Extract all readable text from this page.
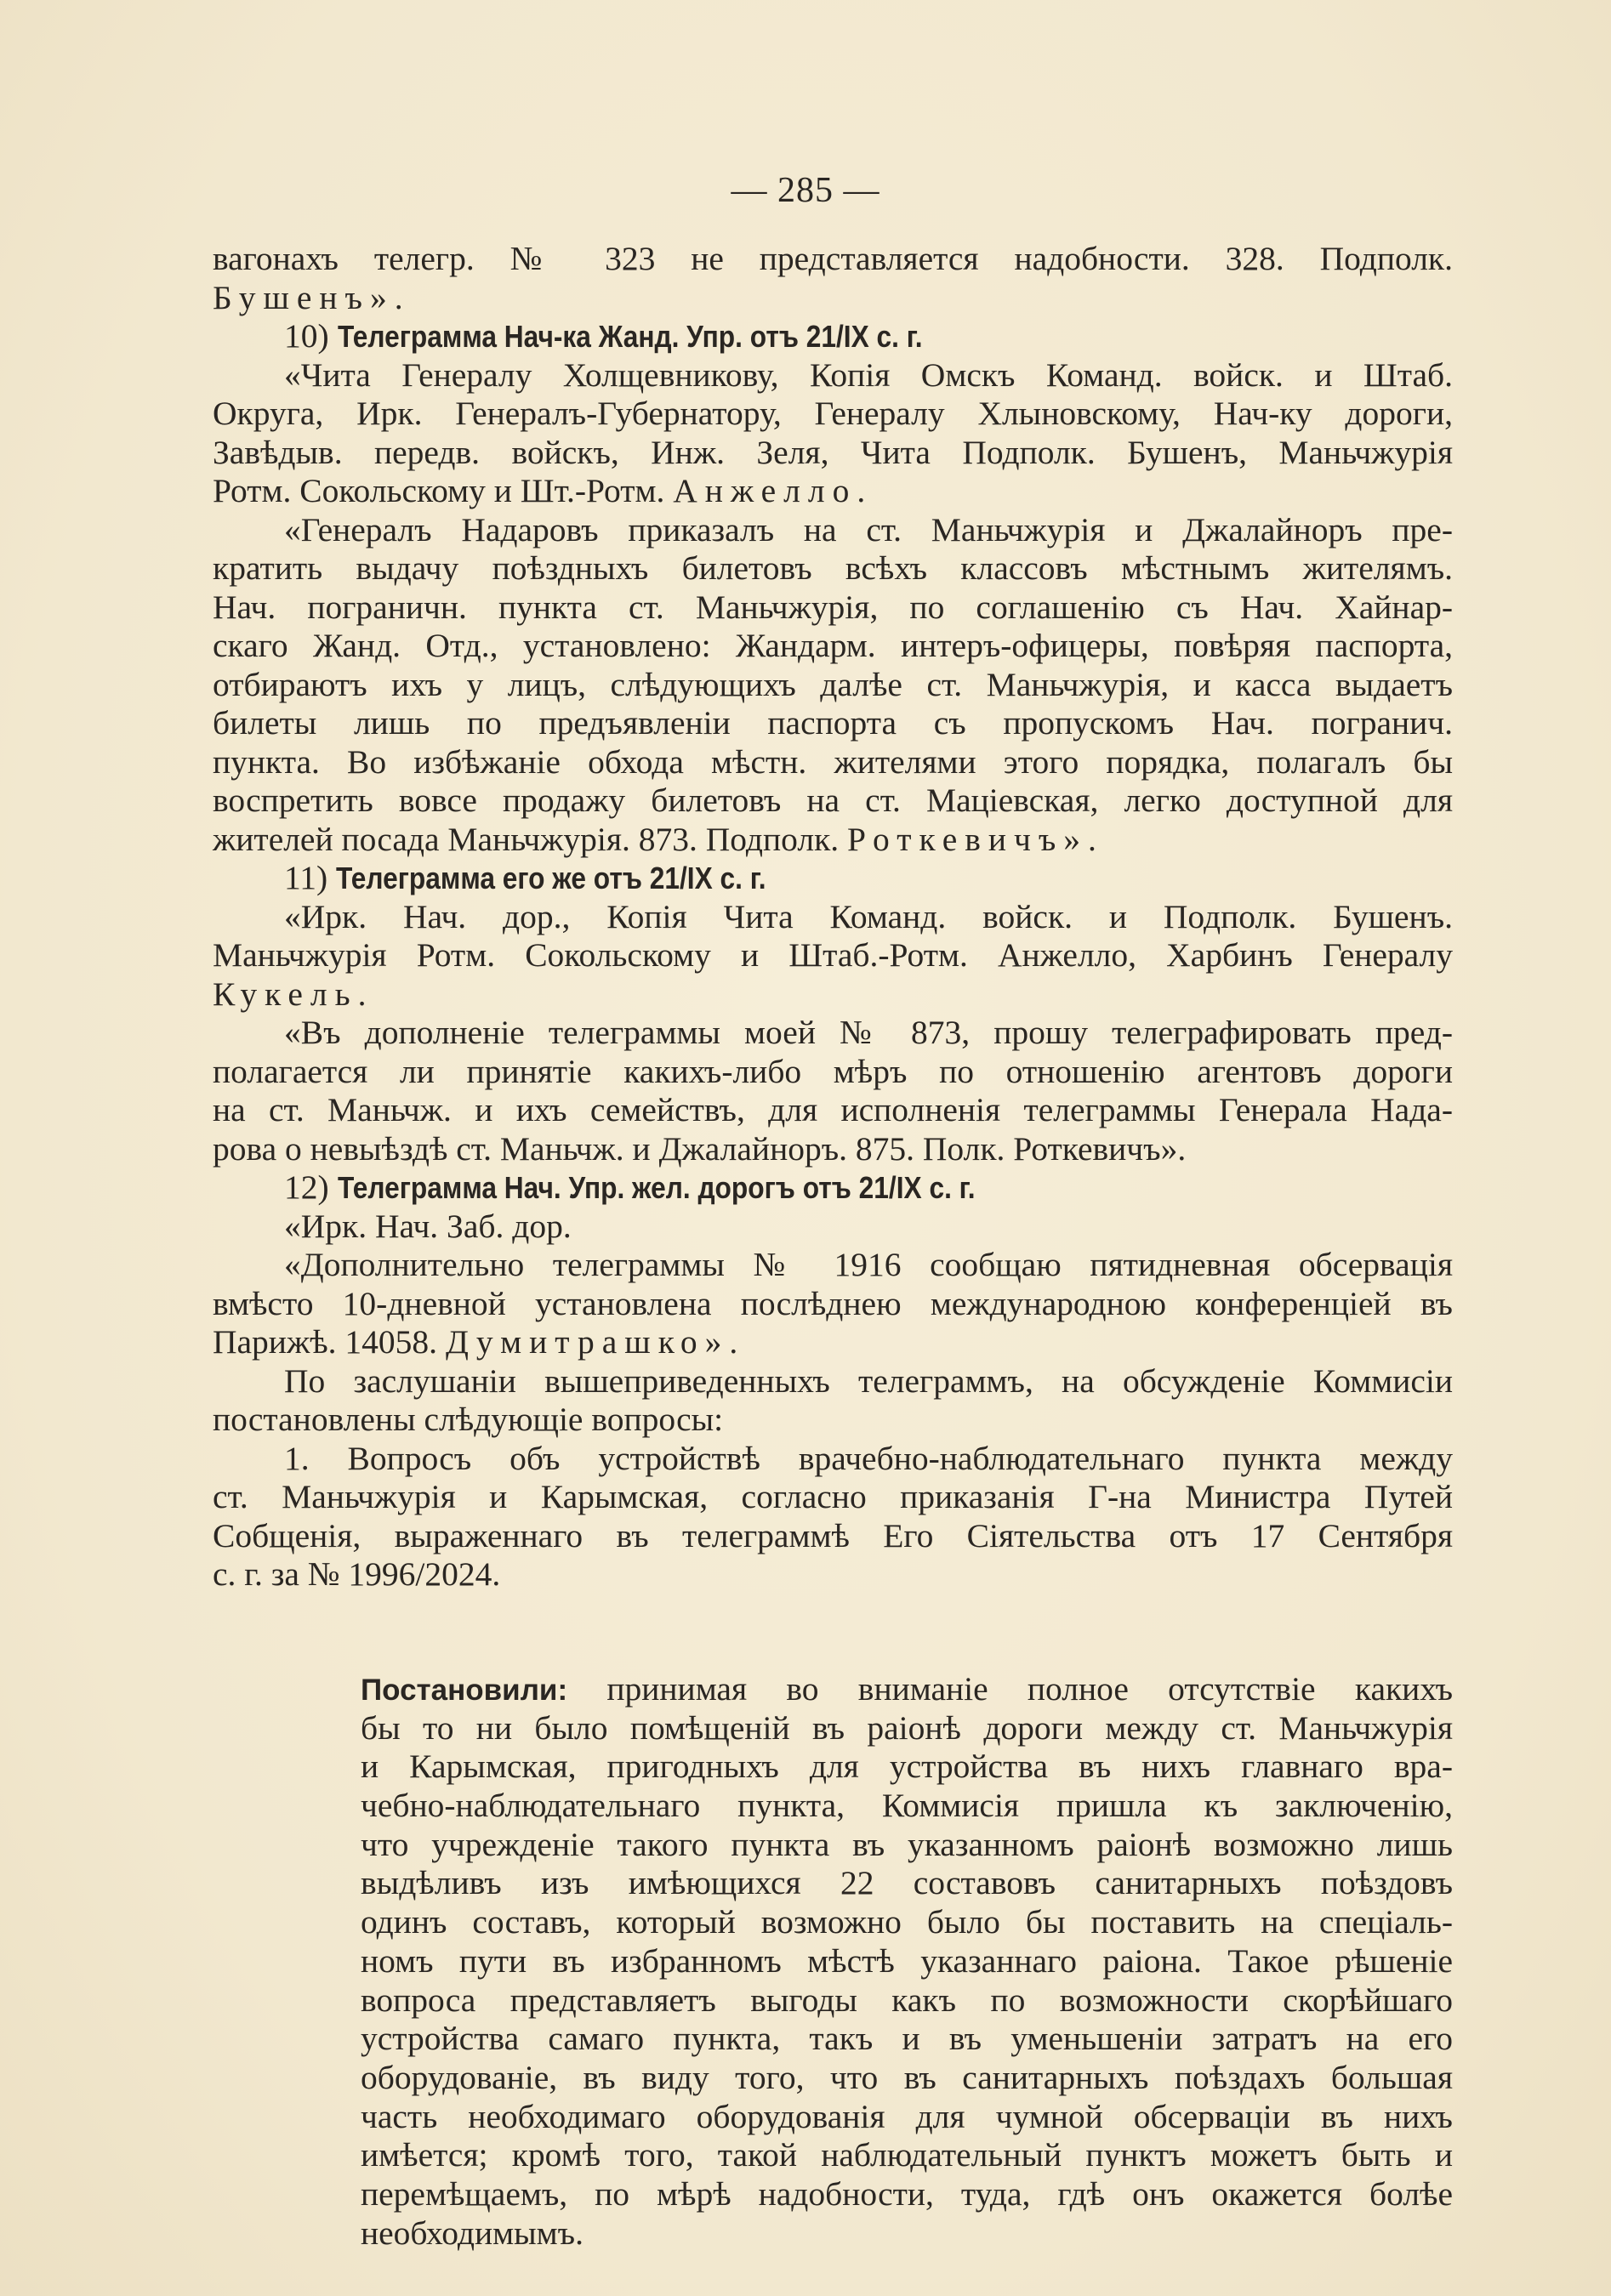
— 285 —
вагонахъ телегр. № 323 не представляется надобности. 328. Подполк.
Бушенъ».
10) Телеграмма Нач-ка Жанд. Упр. отъ 21/IX с. г.
«Чита Генералу Холщевникову, Копія Омскъ Команд. войск. и Штаб.
Округа, Ирк. Генералъ-Губернатору, Генералу Хлыновскому, Нач-ку дороги,
Завѣдыв. передв. войскъ, Инж. Зеля, Чита Подполк. Бушенъ, Маньчжурія
Ротм. Сокольскому и Шт.-Ротм. Анжелло.
«Генералъ Надаровъ приказалъ на ст. Маньчжурія и Джалайноръ пре-
кратить выдачу поѣздныхъ билетовъ всѣхъ классовъ мѣстнымъ жителямъ.
Нач. пограничн. пункта ст. Маньчжурія, по соглашенію съ Нач. Хайнар-
скаго Жанд. Отд., установлено: Жандарм. интеръ-офицеры, повѣряя паспорта,
отбираютъ ихъ у лицъ, слѣдующихъ далѣе ст. Маньчжурія, и касса выдаетъ
билеты лишь по предъявленіи паспорта съ пропускомъ Нач. погранич.
пункта. Во избѣжаніе обхода мѣстн. жителями этого порядка, полагалъ бы
воспретить вовсе продажу билетовъ на ст. Маціевская, легко доступной для
жителей посада Маньчжурія. 873. Подполк. Роткевичъ».
11) Телеграмма его же отъ 21/IX с. г.
«Ирк. Нач. дор., Копія Чита Команд. войск. и Подполк. Бушенъ.
Маньчжурія Ротм. Сокольскому и Штаб.-Ротм. Анжелло, Харбинъ Генералу
Кукель.
«Въ дополненіе телеграммы моей № 873, прошу телеграфировать пред-
полагается ли принятіе какихъ-либо мѣръ по отношенію агентовъ дороги
на ст. Маньчж. и ихъ семействъ, для исполненія телеграммы Генерала Нада-
рова о невыѣздѣ ст. Маньчж. и Джалайноръ. 875. Полк. Роткевичъ».
12) Телеграмма Нач. Упр. жел. дорогъ отъ 21/IX с. г.
«Ирк. Нач. Заб. дор.
«Дополнительно телеграммы № 1916 сообщаю пятидневная обсервація
вмѣсто 10-дневной установлена послѣднею международною конференціей въ
Парижѣ. 14058. Думитрашко».
По заслушаніи вышеприведенныхъ телеграммъ, на обсужденіе Коммисіи
постановлены слѣдующіе вопросы:
1. Вопросъ объ устройствѣ врачебно-наблюдательнаго пункта между
ст. Маньчжурія и Карымская, согласно приказанія Г-на Министра Путей
Собщенія, выраженнаго въ телеграммѣ Его Сіятельства отъ 17 Сентября
с. г. за № 1996/2024.
Постановили: принимая во вниманіе полное отсутствіе какихъ
бы то ни было помѣщеній въ раіонѣ дороги между ст. Маньчжурія
и Карымская, пригодныхъ для устройства въ нихъ главнаго вра-
чебно-наблюдательнаго пункта, Коммисія пришла къ заключенію,
что учрежденіе такого пункта въ указанномъ раіонѣ возможно лишь
выдѣливъ изъ имѣющихся 22 составовъ санитарныхъ поѣздовъ
одинъ составъ, который возможно было бы поставить на спеціаль-
номъ пути въ избранномъ мѣстѣ указаннаго раіона. Такое рѣшеніе
вопроса представляетъ выгоды какъ по возможности скорѣйшаго
устройства самаго пункта, такъ и въ уменьшеніи затратъ на его
оборудованіе, въ виду того, что въ санитарныхъ поѣздахъ большая
часть необходимаго оборудованія для чумной обсерваціи въ нихъ
имѣется; кромѣ того, такой наблюдательный пунктъ можетъ быть и
перемѣщаемъ, по мѣрѣ надобности, туда, гдѣ онъ окажется болѣе
необходимымъ.
